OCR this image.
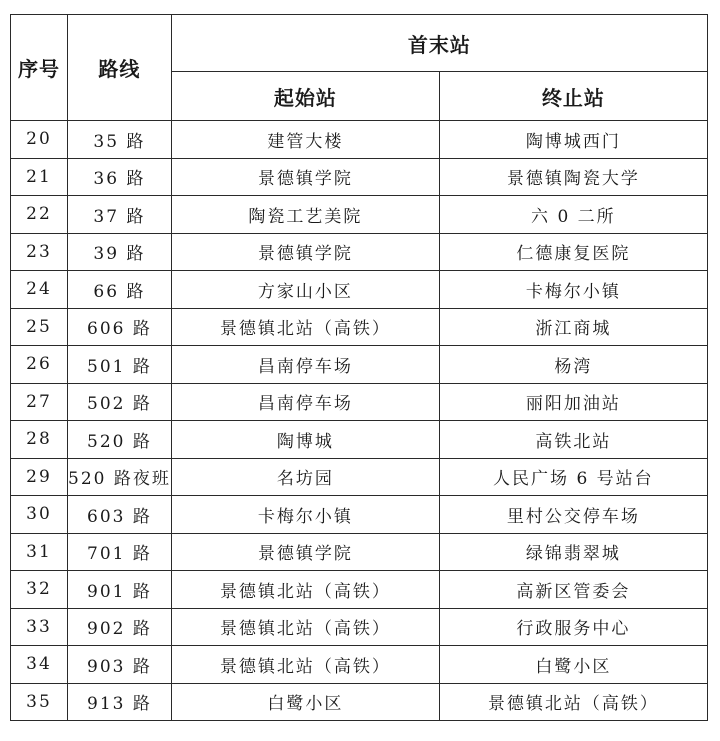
序号	路线	首末站	
		起始站	终止站
20	35 路	建管大楼	陶博城西门
21	36 路	景德镇学院	景德镇陶瓷大学
22	37 路	陶瓷工艺美院	六 0 二所
23	39 路	景德镇学院	仁德康复医院
24	66 路	方家山小区	卡梅尔小镇
25	606 路	景德镇北站（高铁）	浙江商城
26	501 路	昌南停车场	杨湾
27	502 路	昌南停车场	丽阳加油站
28	520 路	陶博城	高铁北站
29	520 路夜班	名坊园	人民广场 6 号站台
30	603 路	卡梅尔小镇	里村公交停车场
31	701 路	景德镇学院	绿锦翡翠城
32	901 路	景德镇北站（高铁）	高新区管委会
33	902 路	景德镇北站（高铁）	行政服务中心
34	903 路	景德镇北站（高铁）	白鹭小区
35	913 路	白鹭小区	景德镇北站（高铁）
